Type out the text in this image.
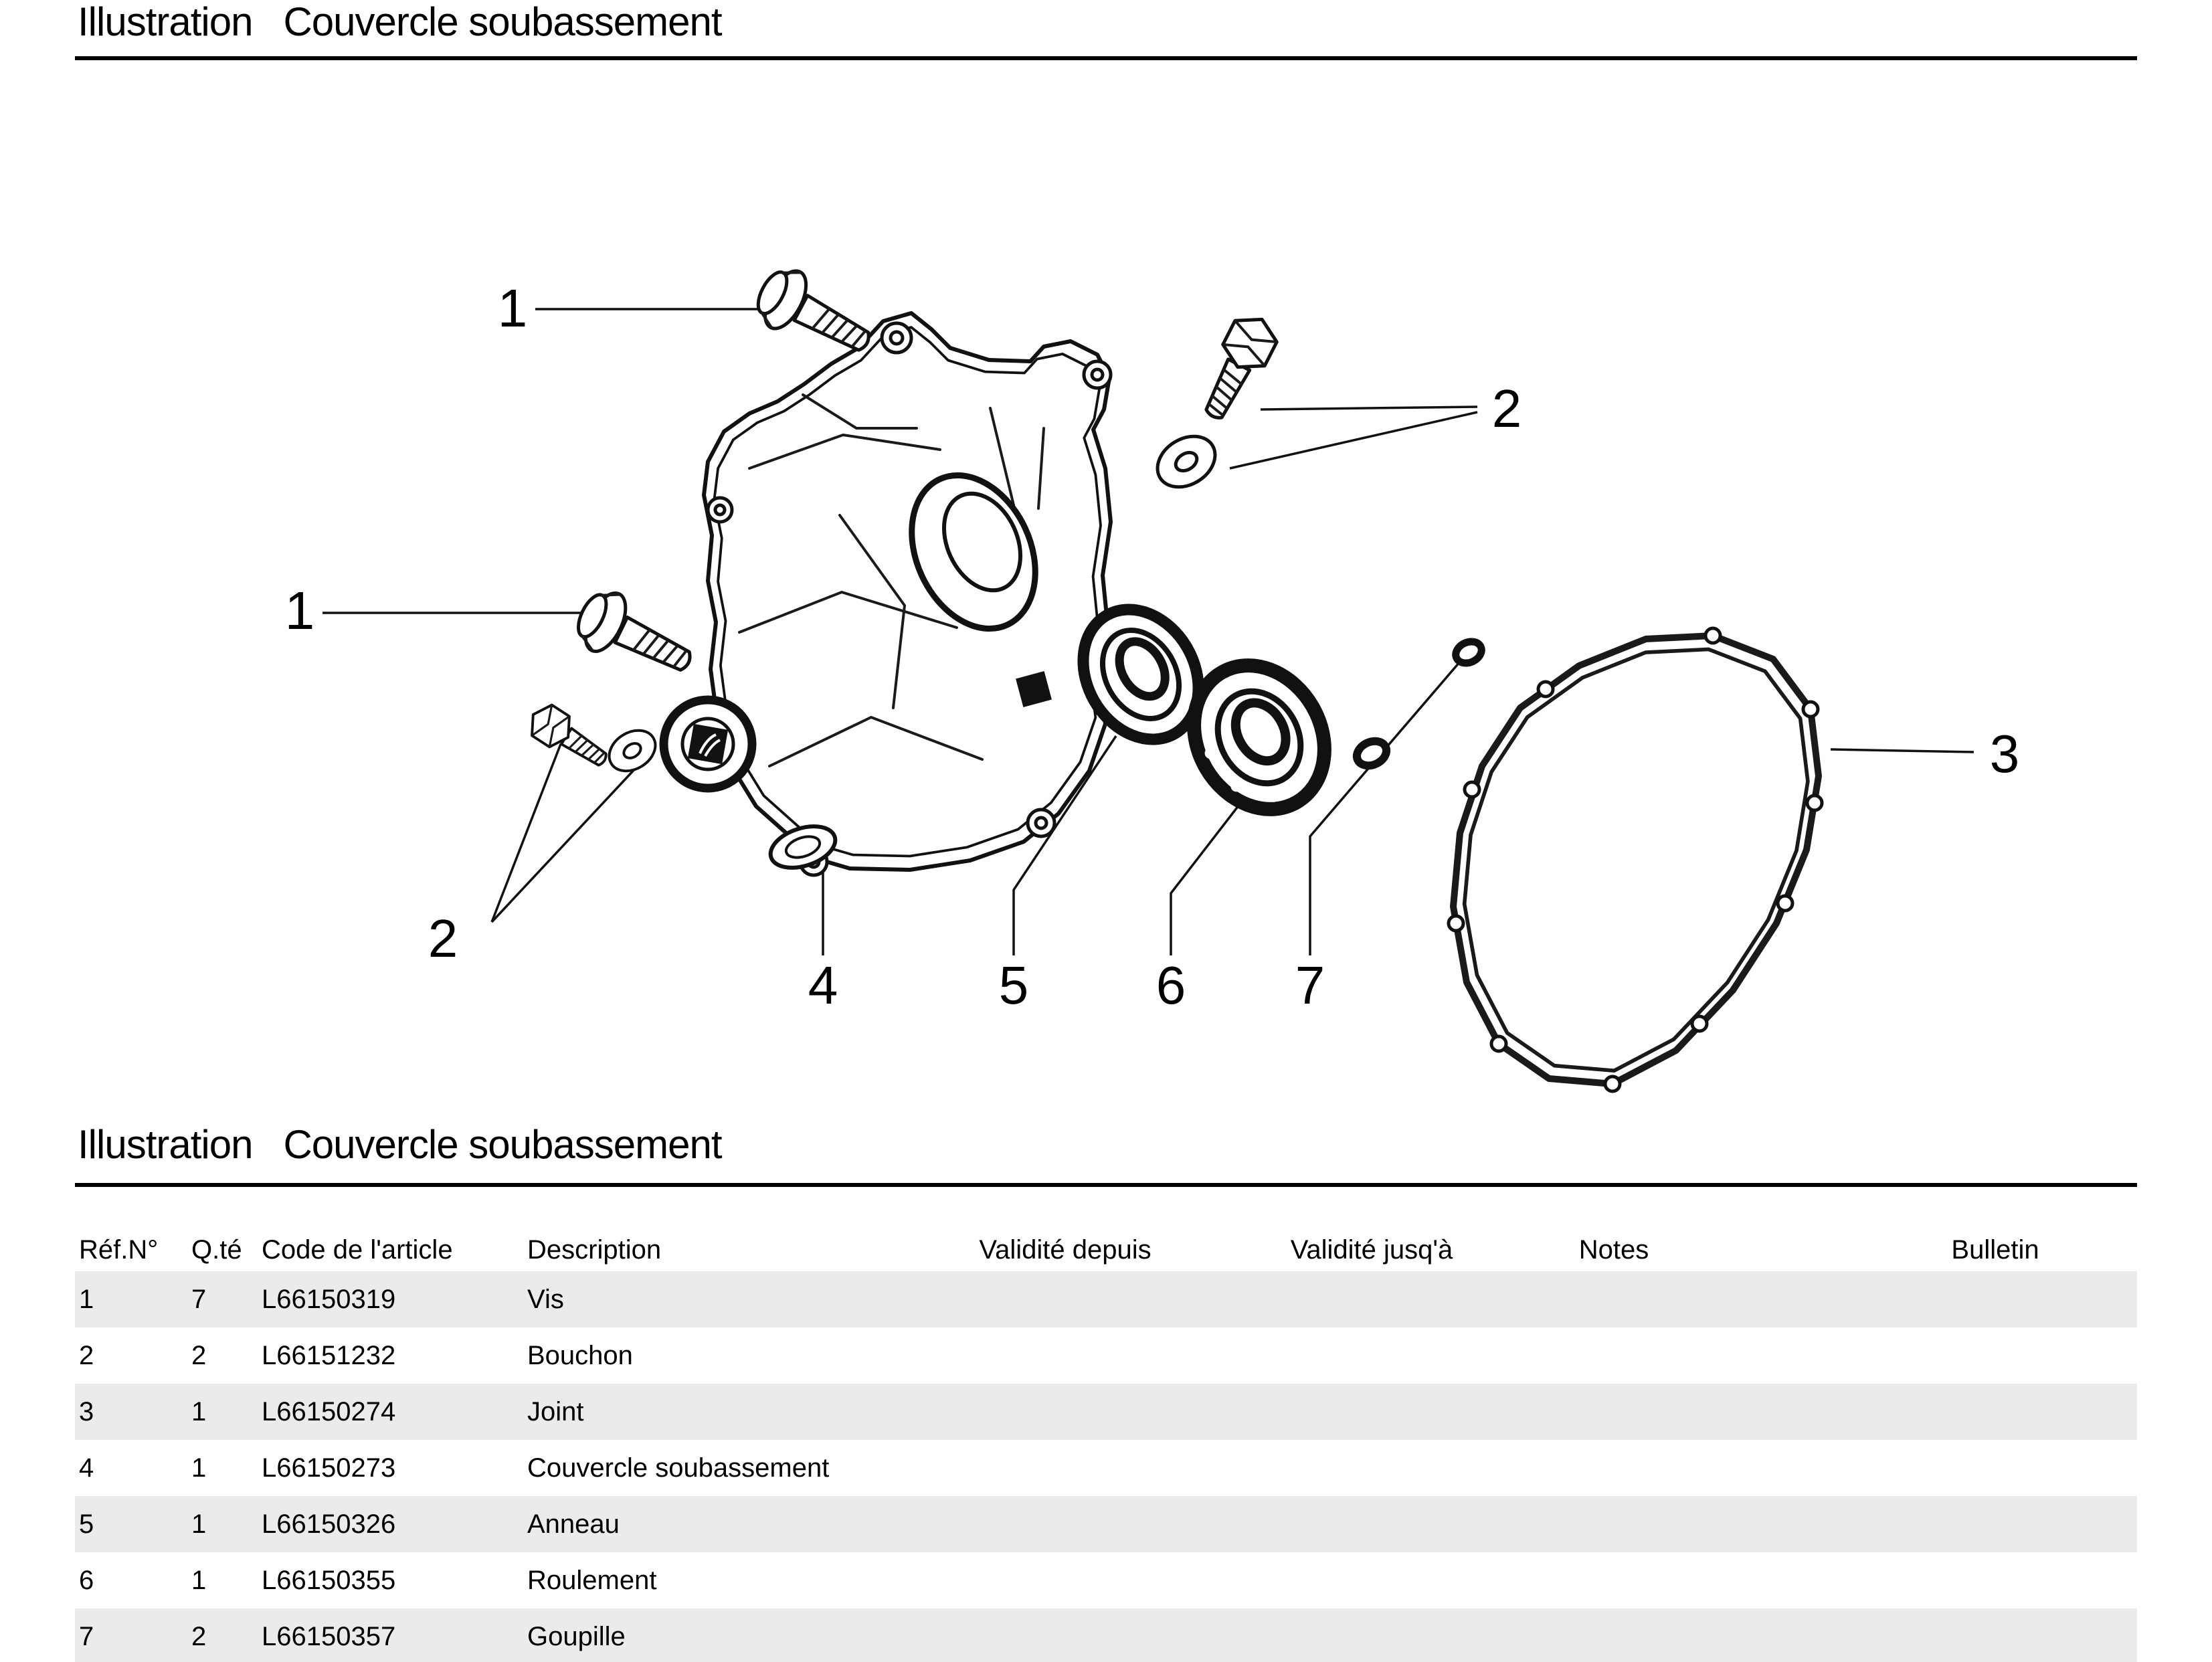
Illustration Couvercle soubassement
1
1
2
2
3
4	5 6 7
Illustration Couvercle soubassement
Réf.N° Q.té Code de l'article	Description	Validité depuis	Validité jusq'à	Notes	Bulletin
1	7 L66150319	Vis
2	2 L66151232	Bouchon
3	1 L66150274	Joint
4	1 L66150273	Couvercle soubassement
5	1 L66150326	Anneau
6	1 L66150355	Roulement
7	2 L66150357	Goupille
